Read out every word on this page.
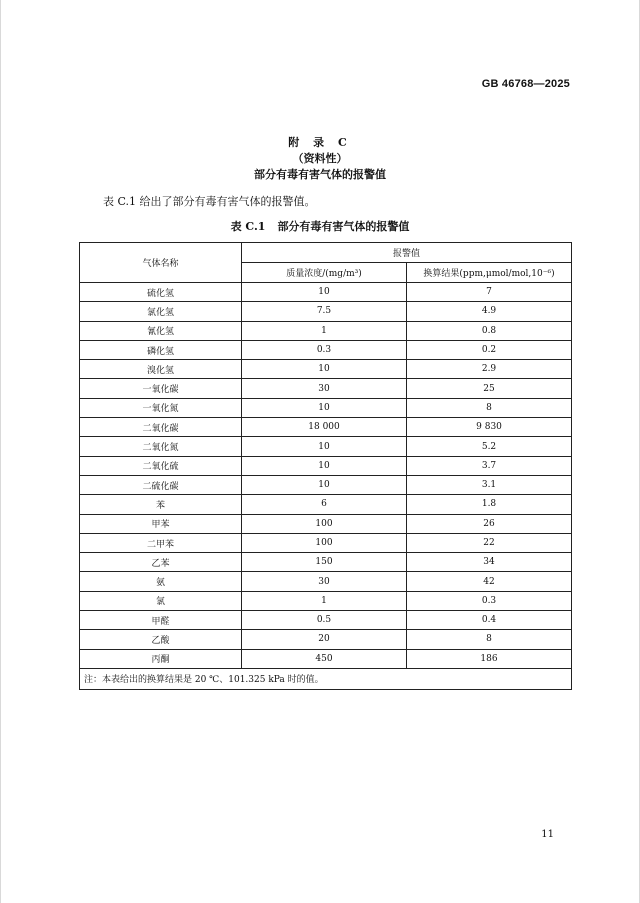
GB 46768—2025
附 录 C
（资料性）
部分有毒有害气体的报警值
表 C.1 给出了部分有毒有害气体的报警值。
表 C.1 部分有毒有害气体的报警值
气体名称	报警值	
	质量浓度/(mg/m³)	换算结果(ppm,μmol/mol,10⁻⁶)
硫化氢	10	7
氯化氢	7.5	4.9
氰化氢	1	0.8
磷化氢	0.3	0.2
溴化氢	10	2.9
一氧化碳	30	25
一氧化氮	10	8
二氧化碳	18 000	9 830
二氧化氮	10	5.2
二氧化硫	10	3.7
二硫化碳	10	3.1
苯	6	1.8
甲苯	100	26
二甲苯	100	22
乙苯	150	34
氨	30	42
氯	1	0.3
甲醛	0.5	0.4
乙酸	20	8
丙酮	450	186
注：本表给出的换算结果是 20 ℃、101.325 kPa 时的值。		
11
